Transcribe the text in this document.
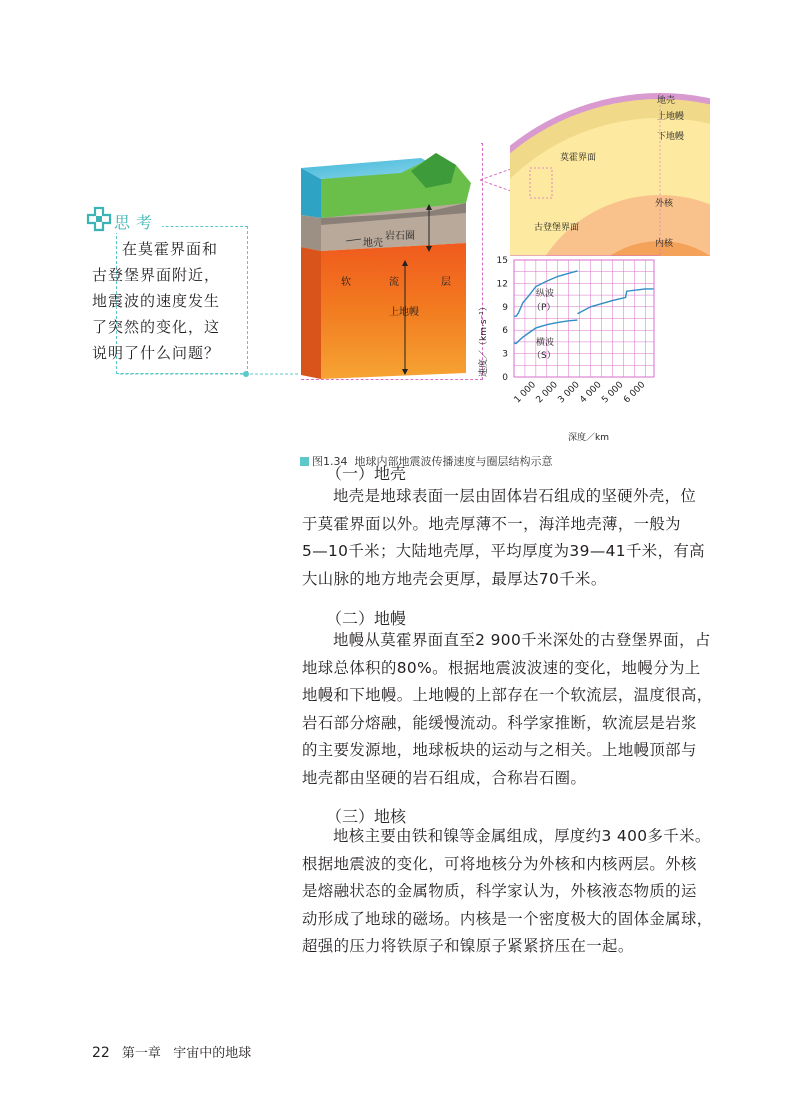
思考
在莫霍界面和
古登堡界面附近，
地震波的速度发生
了突然的变化，这
说明了什么问题？
岩石圈
地壳
软	流	层
上地幔
地壳
上地幔
下地幔
莫霍界面
外核
古登堡界面
内核
15
12
9
6
3
0
1 000
2 000
3 000
4 000
5 000
6 000
速度／（km·s⁻¹）
深度／km
纵波
（P）
横波
（S）
图1.34 地球内部地震波传播速度与圈层结构示意
（一）地壳
地壳是地球表面一层由固体岩石组成的坚硬外壳，位
于莫霍界面以外。地壳厚薄不一，海洋地壳薄，一般为
5—10千米；大陆地壳厚，平均厚度为39—41千米，有高
大山脉的地方地壳会更厚，最厚达70千米。
（二）地幔
地幔从莫霍界面直至2 900千米深处的古登堡界面，占
地球总体积的80%。根据地震波波速的变化，地幔分为上
地幔和下地幔。上地幔的上部存在一个软流层，温度很高，
岩石部分熔融，能缓慢流动。科学家推断，软流层是岩浆
的主要发源地，地球板块的运动与之相关。上地幔顶部与
地壳都由坚硬的岩石组成，合称岩石圈。
（三）地核
地核主要由铁和镍等金属组成，厚度约3 400多千米。
根据地震波的变化，可将地核分为外核和内核两层。外核
是熔融状态的金属物质，科学家认为，外核液态物质的运
动形成了地球的磁场。内核是一个密度极大的固体金属球，
超强的压力将铁原子和镍原子紧紧挤压在一起。
22 第一章 宇宙中的地球
